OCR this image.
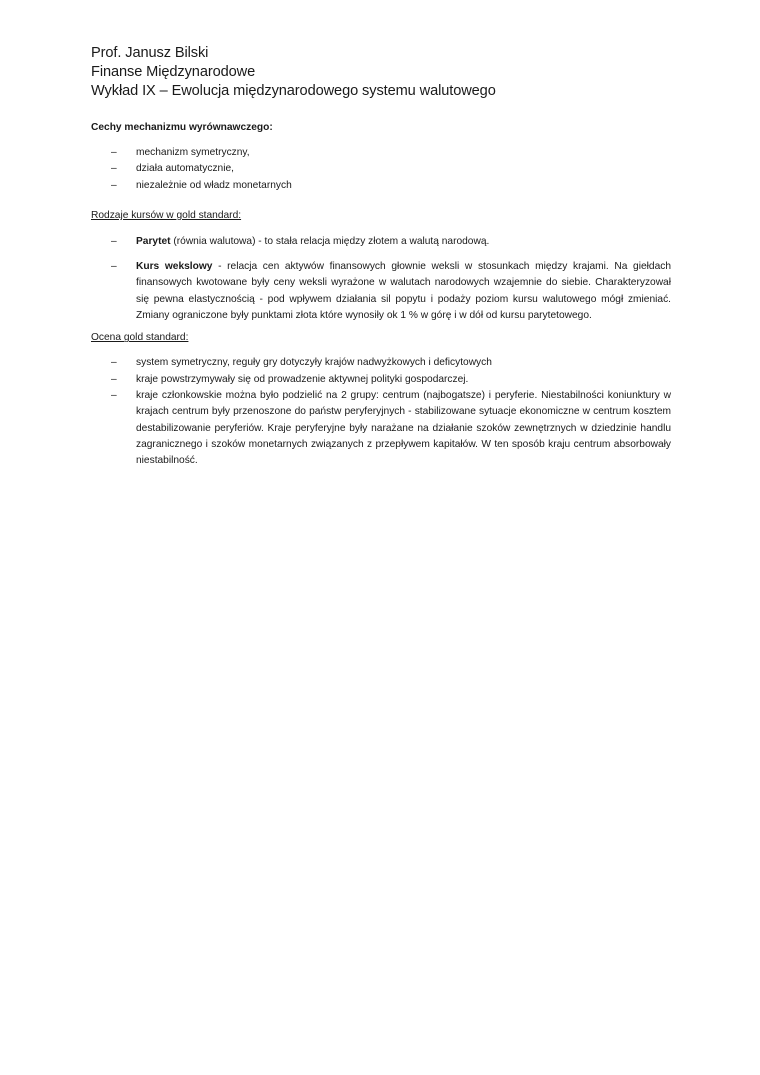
Prof. Janusz Bilski

Finanse Międzynarodowe

Wykład IX – Ewolucja międzynarodowego systemu walutowego

Cechy mechanizmu wyrównawczego:

– mechanizm symetryczny,
– działa automatycznie,
– niezależnie od władz monetarnych

Rodzaje kursów w gold standard:

– Parytet (równia walutowa) - to stała relacja między złotem a walutą narodową.
– Kurs wekslowy - relacja cen aktywów finansowych głownie weksli w stosunkach między krajami. Na giełdach finansowych kwotowane były ceny weksli wyrażone w walutach narodowych wzajemnie do siebie. Charakteryzował się pewna elastycznością - pod wpływem działania sil popytu i podaży poziom kursu walutowego mógł zmieniać. Zmiany ograniczone były punktami złota które wynosiły ok 1 % w górę i w dół od kursu parytetowego.

Ocena gold standard:

– system symetryczny, reguły gry dotyczyły krajów nadwyżkowych i deficytowych
– kraje powstrzymywały się od prowadzenie aktywnej polityki gospodarczej.
– kraje członkowskie można było podzielić na 2 grupy: centrum (najbogatsze) i peryferie. Niestabilności koniunktury w krajach centrum były przenoszone do państw peryferyjnych - stabilizowane sytuacje ekonomiczne w centrum kosztem destabilizowanie peryferiów. Kraje peryferyjne były narażane na działanie szoków zewnętrznych w dziedzinie handlu zagranicznego i szoków monetarnych związanych z przepływem kapitałów. W ten sposób kraju centrum absorbowały niestabilność.
